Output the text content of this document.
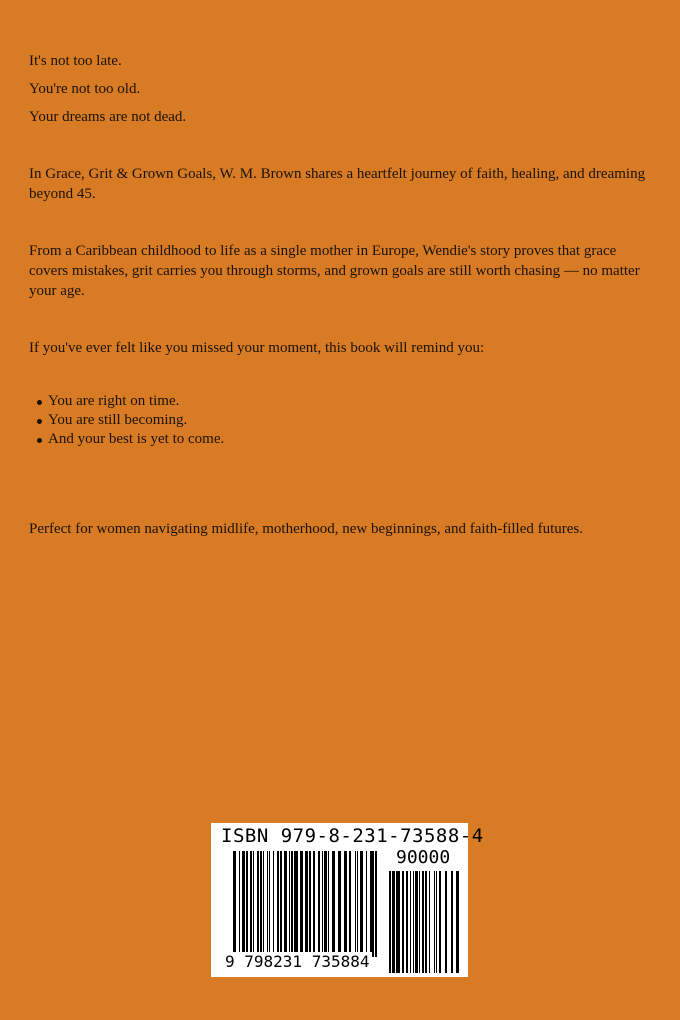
It's not too late.

You're not too old.

Your dreams are not dead.

In Grace, Grit & Grown Goals, W. M. Brown shares a heartfelt journey of faith, healing, and dreaming beyond 45.

From a Caribbean childhood to life as a single mother in Europe, Wendie's story proves that grace covers mistakes, grit carries you through storms, and grown goals are still worth chasing — no matter your age.

If you've ever felt like you missed your moment, this book will remind you:

You are right on time.
You are still becoming.
And your best is yet to come.

Perfect for women navigating midlife, motherhood, new beginnings, and faith-filled futures.

ISBN 979-8-231-73588-4
90000
9 798231 735884
